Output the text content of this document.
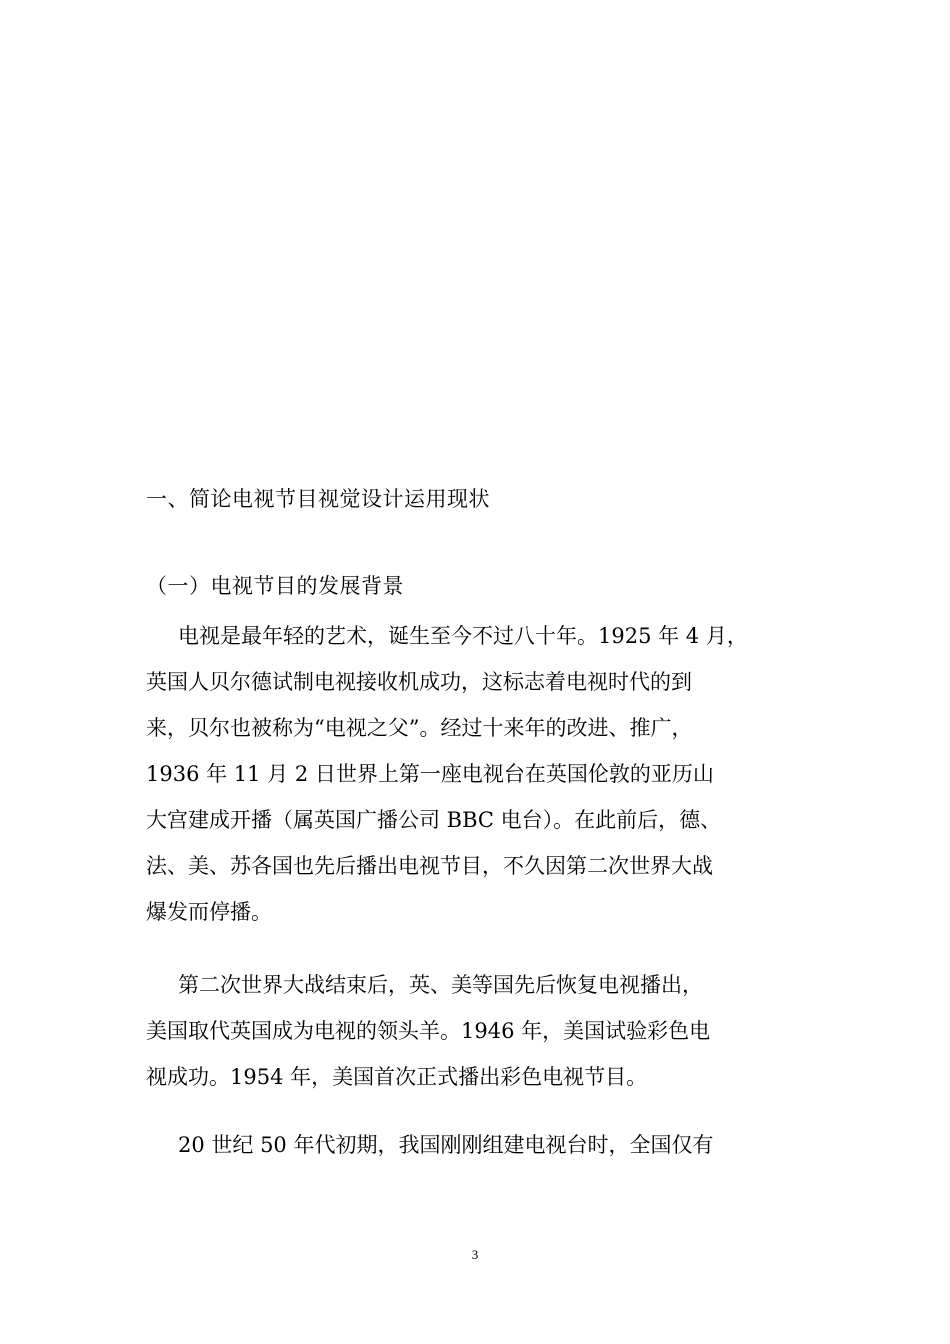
一、简论电视节目视觉设计运用现状
（一）电视节目的发展背景
电视是最年轻的艺术，诞生至今不过八十年。1925 年 4 月，
英国人贝尔德试制电视接收机成功，这标志着电视时代的到
来，贝尔也被称为“电视之父”。经过十来年的改进、推广，
1936 年 11 月 2 日世界上第一座电视台在英国伦敦的亚历山
大宫建成开播（属英国广播公司 BBC 电台）。在此前后，德、
法、美、苏各国也先后播出电视节目，不久因第二次世界大战
爆发而停播。
第二次世界大战结束后，英、美等国先后恢复电视播出，
美国取代英国成为电视的领头羊。1946 年，美国试验彩色电
视成功。1954 年，美国首次正式播出彩色电视节目。
20 世纪 50 年代初期，我国刚刚组建电视台时，全国仅有
3
